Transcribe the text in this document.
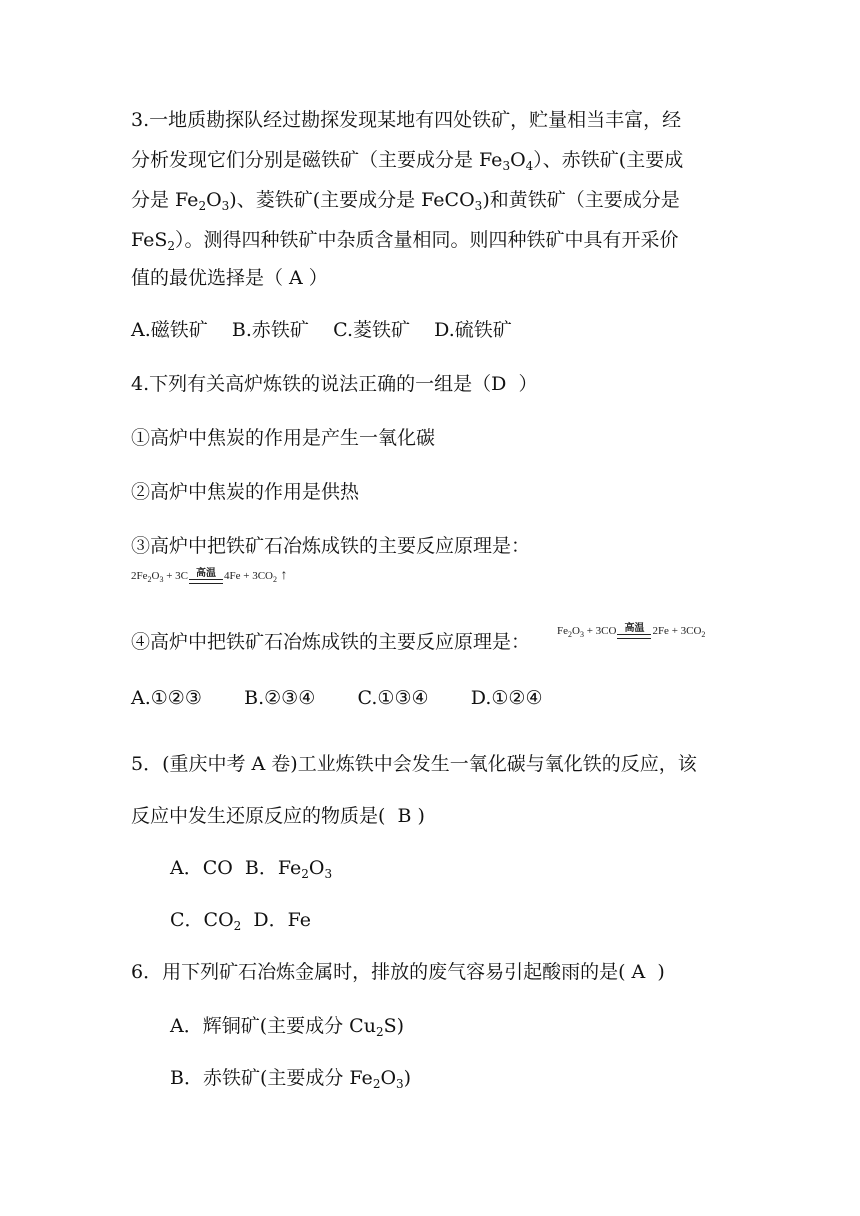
3.一地质勘探队经过勘探发现某地有四处铁矿，贮量相当丰富，经
分析发现它们分别是磁铁矿（主要成分是 $Fe_3O_4$）、赤铁矿(主要成
分是 $Fe_2O_3$)、菱铁矿(主要成分是 FeCO$_3$)和黄铁矿（主要成分是
FeS$_2$）。测得四种铁矿中杂质含量相同。则四种铁矿中具有开采价
值的最优选择是（ A ）
A.磁铁矿    B.赤铁矿    C.菱铁矿    D.硫铁矿
4.下列有关高炉炼铁的说法正确的一组是（D  ）
①高炉中焦炭的作用是产生一氧化碳
②高炉中焦炭的作用是供热
③高炉中把铁矿石冶炼成铁的主要反应原理是：
$2Fe_2O_3 + 3C$ 高温 $4Fe + 3CO_2$ ↑
④高炉中把铁矿石冶炼成铁的主要反应原理是： $Fe_2O_3 + 3CO$ 高温 $2Fe + 3CO_2$
A.①②③       B.②③④       C.①③④       D.①②④
5．(重庆中考 A 卷)工业炼铁中会发生一氧化碳与氧化铁的反应，该
反应中发生还原反应的物质是(  B )
A．CO  B．$Fe_2O_3$
C．$CO_2$  D．Fe
6．用下列矿石冶炼金属时，排放的废气容易引起酸雨的是( A  )
A．辉铜矿(主要成分 $Cu_2S$)
B．赤铁矿(主要成分 $Fe_2O_3$)
